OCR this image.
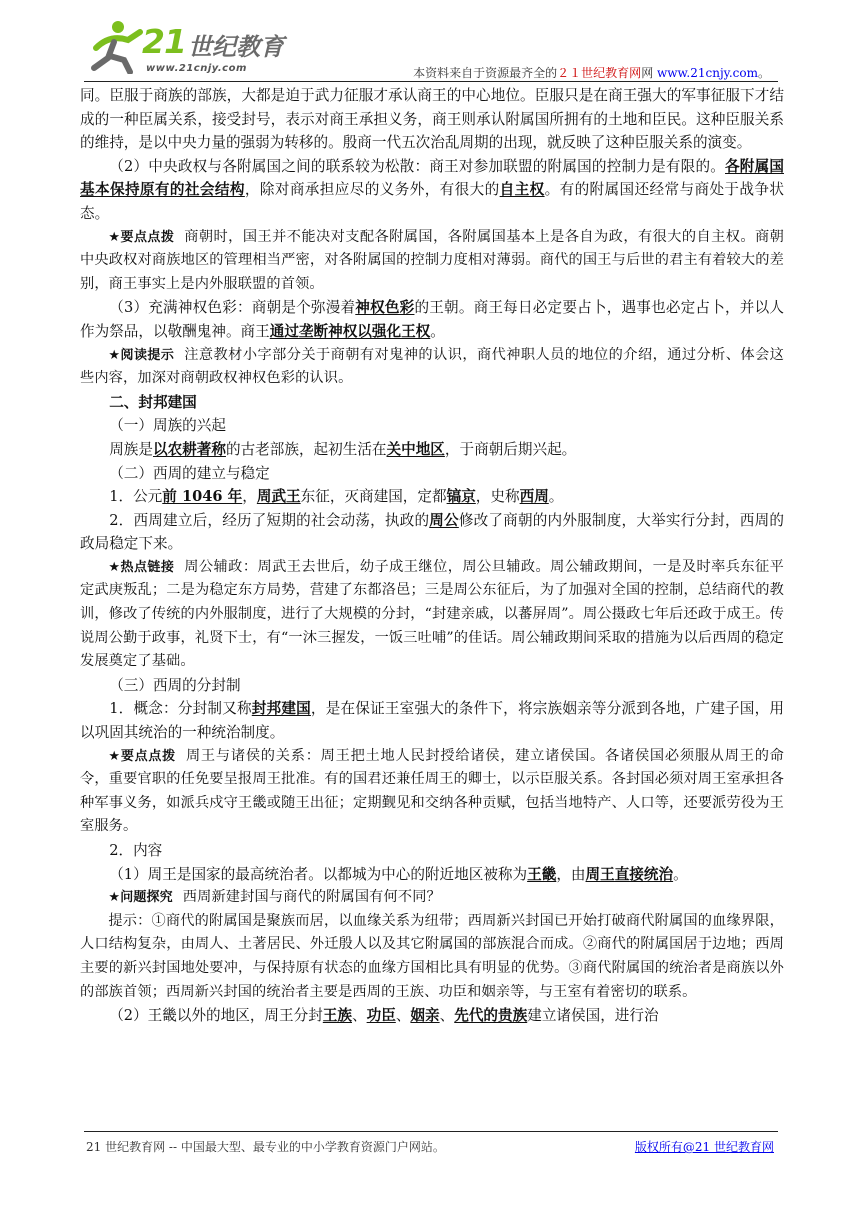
21 世纪教育
www.21cnjy.com	本资料来自于资源最齐全的２１世纪教育网网 www.21cnjy.com。

同。臣服于商族的部族，大都是迫于武力征服才承认商王的中心地位。臣服只是在商王强大的军事征服下才结成的一种臣属关系，接受封号，表示对商王承担义务，商王则承认附属国所拥有的土地和臣民。这种臣服关系的维持，是以中央力量的强弱为转移的。殷商一代五次治乱周期的出现，就反映了这种臣服关系的演变。

（2）中央政权与各附属国之间的联系较为松散：商王对参加联盟的附属国的控制力是有限的。各附属国基本保持原有的社会结构，除对商承担应尽的义务外，有很大的自主权。有的附属国还经常与商处于战争状态。

★要点点拨 商朝时，国王并不能决对支配各附属国，各附属国基本上是各自为政，有很大的自主权。商朝中央政权对商族地区的管理相当严密，对各附属国的控制力度相对薄弱。商代的国王与后世的君主有着较大的差别，商王事实上是内外服联盟的首领。

（3）充满神权色彩：商朝是个弥漫着神权色彩的王朝。商王每日必定要占卜，遇事也必定占卜，并以人作为祭品，以敬酬鬼神。商王通过垄断神权以强化王权。

★阅读提示 注意教材小字部分关于商朝有对鬼神的认识，商代神职人员的地位的介绍，通过分析、体会这些内容，加深对商朝政权神权色彩的认识。

二、封邦建国

（一）周族的兴起

周族是以农耕著称的古老部族，起初生活在关中地区，于商朝后期兴起。

（二）西周的建立与稳定

1．公元前 1046 年，周武王东征，灭商建国，定都镐京，史称西周。

2．西周建立后，经历了短期的社会动荡，执政的周公修改了商朝的内外服制度，大举实行分封，西周的政局稳定下来。

★热点链接 周公辅政：周武王去世后，幼子成王继位，周公旦辅政。周公辅政期间，一是及时率兵东征平定武庚叛乱；二是为稳定东方局势，营建了东都洛邑；三是周公东征后，为了加强对全国的控制，总结商代的教训，修改了传统的内外服制度，进行了大规模的分封，“封建亲戚，以蕃屏周”。周公摄政七年后还政于成王。传说周公勤于政事，礼贤下士，有“一沐三握发，一饭三吐哺”的佳话。周公辅政期间采取的措施为以后西周的稳定发展奠定了基础。

（三）西周的分封制

1．概念：分封制又称封邦建国，是在保证王室强大的条件下，将宗族姻亲等分派到各地，广建子国，用以巩固其统治的一种统治制度。

★要点点拨 周王与诸侯的关系：周王把土地人民封授给诸侯，建立诸侯国。各诸侯国必须服从周王的命令，重要官职的任免要呈报周王批准。有的国君还兼任周王的卿士，以示臣服关系。各封国必须对周王室承担各种军事义务，如派兵戍守王畿或随王出征；定期觐见和交纳各种贡赋，包括当地特产、人口等，还要派劳役为王室服务。

2．内容

（1）周王是国家的最高统治者。以都城为中心的附近地区被称为王畿，由周王直接统治。

★问题探究 西周新建封国与商代的附属国有何不同？

提示：①商代的附属国是聚族而居，以血缘关系为纽带；西周新兴封国已开始打破商代附属国的血缘界限，人口结构复杂，由周人、土著居民、外迁殷人以及其它附属国的部族混合而成。②商代的附属国居于边地；西周主要的新兴封国地处要冲，与保持原有状态的血缘方国相比具有明显的优势。③商代附属国的统治者是商族以外的部族首领；西周新兴封国的统治者主要是西周的王族、功臣和姻亲等，与王室有着密切的联系。

（2）王畿以外的地区，周王分封王族、功臣、姻亲、先代的贵族建立诸侯国，进行治

21 世纪教育网 -- 中国最大型、最专业的中小学教育资源门户网站。	版权所有@21 世纪教育网
